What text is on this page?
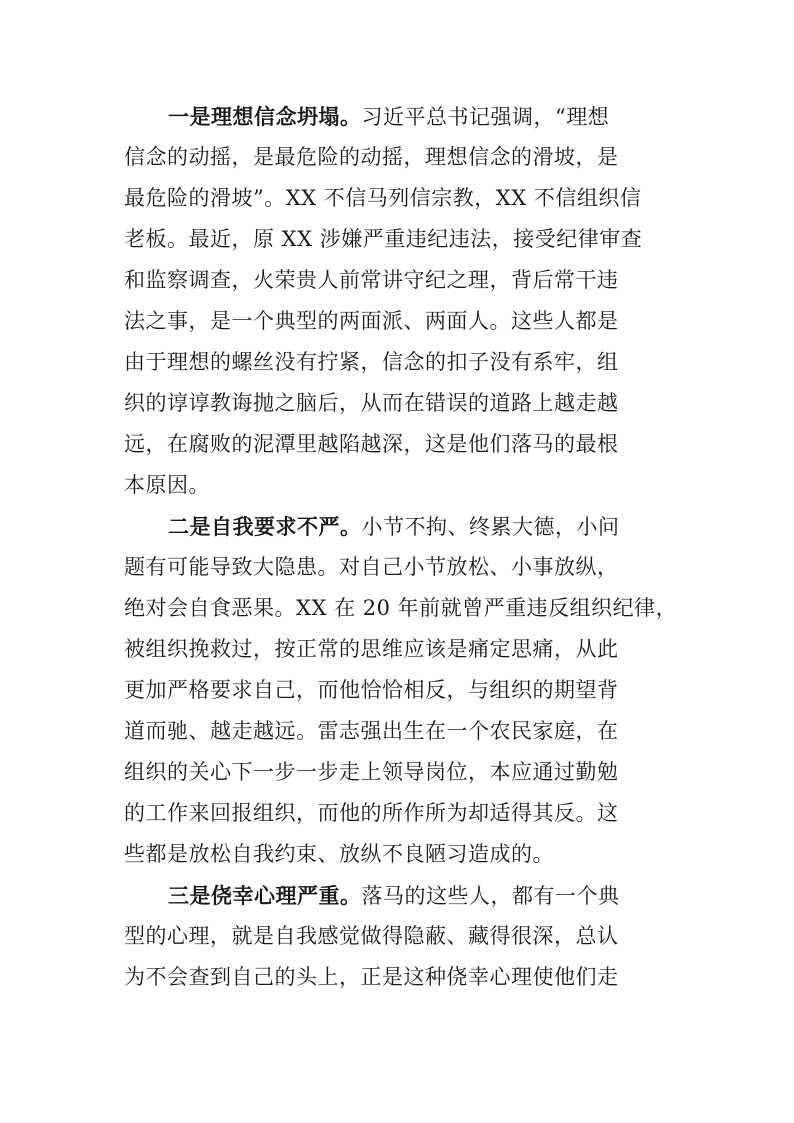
一是理想信念坍塌。习近平总书记强调，“理想
信念的动摇，是最危险的动摇，理想信念的滑坡，是
最危险的滑坡”。XX 不信马列信宗教，XX 不信组织信
老板。最近，原 XX 涉嫌严重违纪违法，接受纪律审查
和监察调查，火荣贵人前常讲守纪之理，背后常干违
法之事，是一个典型的两面派、两面人。这些人都是
由于理想的螺丝没有拧紧，信念的扣子没有系牢，组
织的谆谆教诲抛之脑后，从而在错误的道路上越走越
远，在腐败的泥潭里越陷越深，这是他们落马的最根
本原因。
二是自我要求不严。小节不拘、终累大德，小问
题有可能导致大隐患。对自己小节放松、小事放纵，
绝对会自食恶果。XX 在 20 年前就曾严重违反组织纪律，
被组织挽救过，按正常的思维应该是痛定思痛，从此
更加严格要求自己，而他恰恰相反，与组织的期望背
道而驰、越走越远。雷志强出生在一个农民家庭，在
组织的关心下一步一步走上领导岗位，本应通过勤勉
的工作来回报组织，而他的所作所为却适得其反。这
些都是放松自我约束、放纵不良陋习造成的。
三是侥幸心理严重。落马的这些人，都有一个典
型的心理，就是自我感觉做得隐蔽、藏得很深，总认
为不会查到自己的头上，正是这种侥幸心理使他们走
